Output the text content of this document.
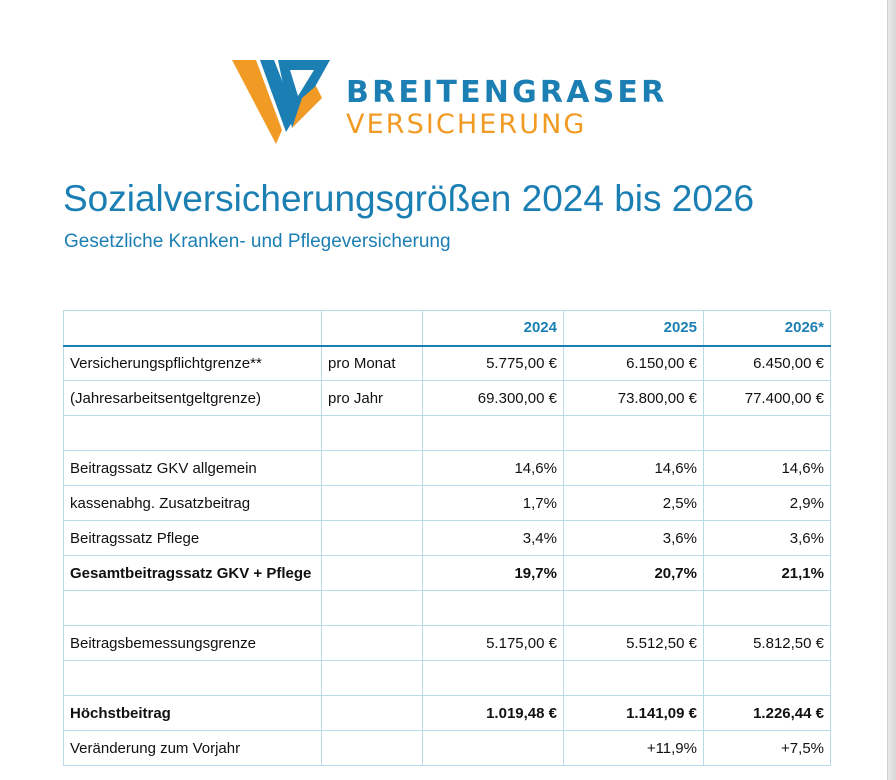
BREITENGRASER
VERSICHERUNG
Sozialversicherungsgrößen 2024 bis 2026
Gesetzliche Kranken- und Pflegeversicherung
		2024	2025	2026*
Versicherungspflichtgrenze**	pro Monat	5.775,00 €	6.150,00 €	6.450,00 €
(Jahresarbeitsentgeltgrenze)	pro Jahr	69.300,00 €	73.800,00 €	77.400,00 €

Beitragssatz GKV allgemein		14,6%	14,6%	14,6%
kassenabhg. Zusatzbeitrag		1,7%	2,5%	2,9%
Beitragssatz Pflege		3,4%	3,6%	3,6%
Gesamtbeitragssatz GKV + Pflege		19,7%	20,7%	21,1%

Beitragsbemessungsgrenze		5.175,00 €	5.512,50 €	5.812,50 €

Höchstbeitrag		1.019,48 €	1.141,09 €	1.226,44 €
Veränderung zum Vorjahr			+11,9%	+7,5%
